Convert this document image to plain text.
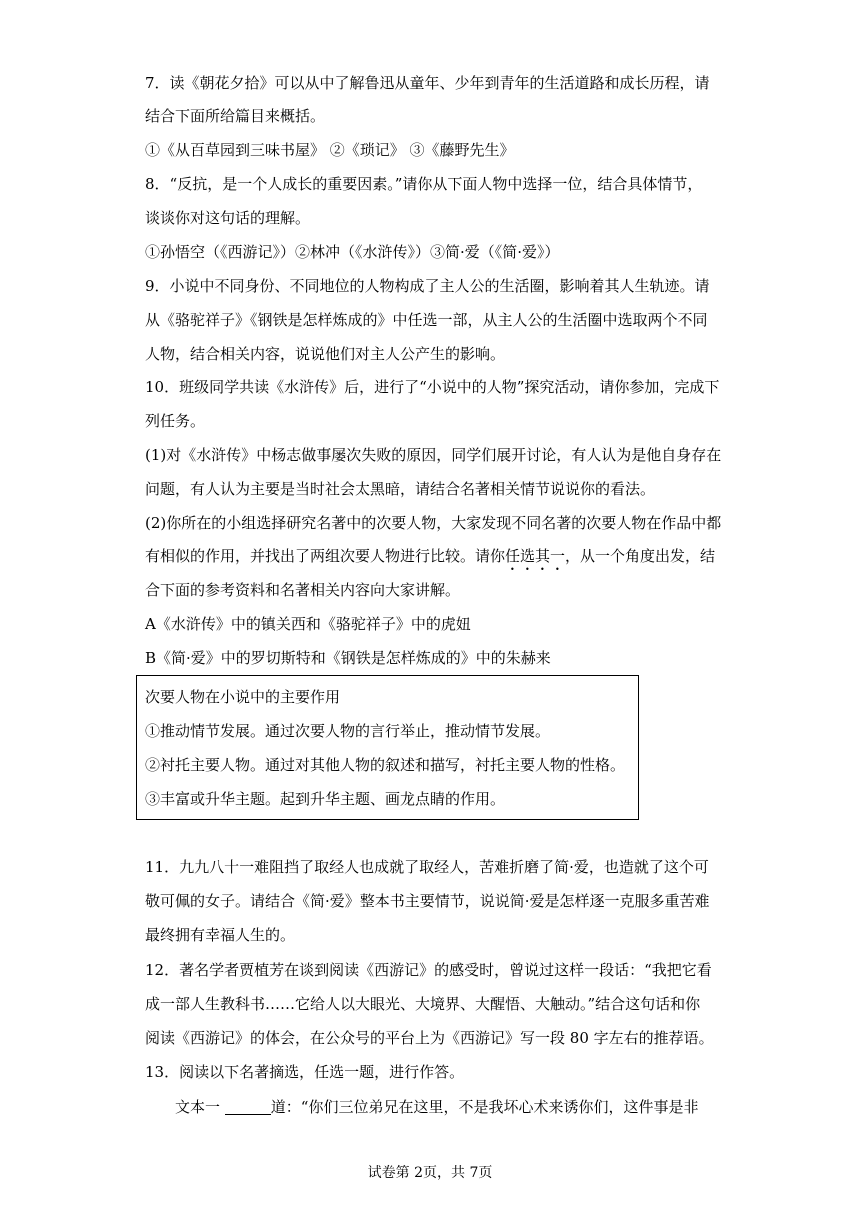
7．读《朝花夕拾》可以从中了解鲁迅从童年、少年到青年的生活道路和成长历程，请
结合下面所给篇目来概括。
①《从百草园到三味书屋》 ②《琐记》 ③《藤野先生》
8．“反抗，是一个人成长的重要因素。”请你从下面人物中选择一位，结合具体情节，
谈谈你对这句话的理解。
①孙悟空（《西游记》）②林冲（《水浒传》）③简·爱（《简·爱》）
9．小说中不同身份、不同地位的人物构成了主人公的生活圈，影响着其人生轨迹。请
从《骆驼祥子》《钢铁是怎样炼成的》中任选一部，从主人公的生活圈中选取两个不同
人物，结合相关内容，说说他们对主人公产生的影响。
10．班级同学共读《水浒传》后，进行了“小说中的人物”探究活动，请你参加，完成下
列任务。
(1)对《水浒传》中杨志做事屡次失败的原因，同学们展开讨论，有人认为是他自身存在
问题，有人认为主要是当时社会太黑暗，请结合名著相关情节说说你的看法。
(2)你所在的小组选择研究名著中的次要人物，大家发现不同名著的次要人物在作品中都
有相似的作用，并找出了两组次要人物进行比较。请你任选其一，从一个角度出发，结
合下面的参考资料和名著相关内容向大家讲解。
A《水浒传》中的镇关西和《骆驼祥子》中的虎妞
B《简·爱》中的罗切斯特和《钢铁是怎样炼成的》中的朱赫来
次要人物在小说中的主要作用
①推动情节发展。通过次要人物的言行举止，推动情节发展。
②衬托主要人物。通过对其他人物的叙述和描写，衬托主要人物的性格。
③丰富或升华主题。起到升华主题、画龙点睛的作用。
11．九九八十一难阻挡了取经人也成就了取经人，苦难折磨了简·爱，也造就了这个可
敬可佩的女子。请结合《简·爱》整本书主要情节，说说简·爱是怎样逐一克服多重苦难
最终拥有幸福人生的。
12．著名学者贾植芳在谈到阅读《西游记》的感受时，曾说过这样一段话：“我把它看
成一部人生教科书……它给人以大眼光、大境界、大醒悟、大触动。”结合这句话和你
阅读《西游记》的体会，在公众号的平台上为《西游记》写一段 80 字左右的推荐语。
13．阅读以下名著摘选，任选一题，进行作答。
文本一	道：“你们三位弟兄在这里，不是我坏心术来诱你们，这件事是非
试卷第 2页，共 7页
